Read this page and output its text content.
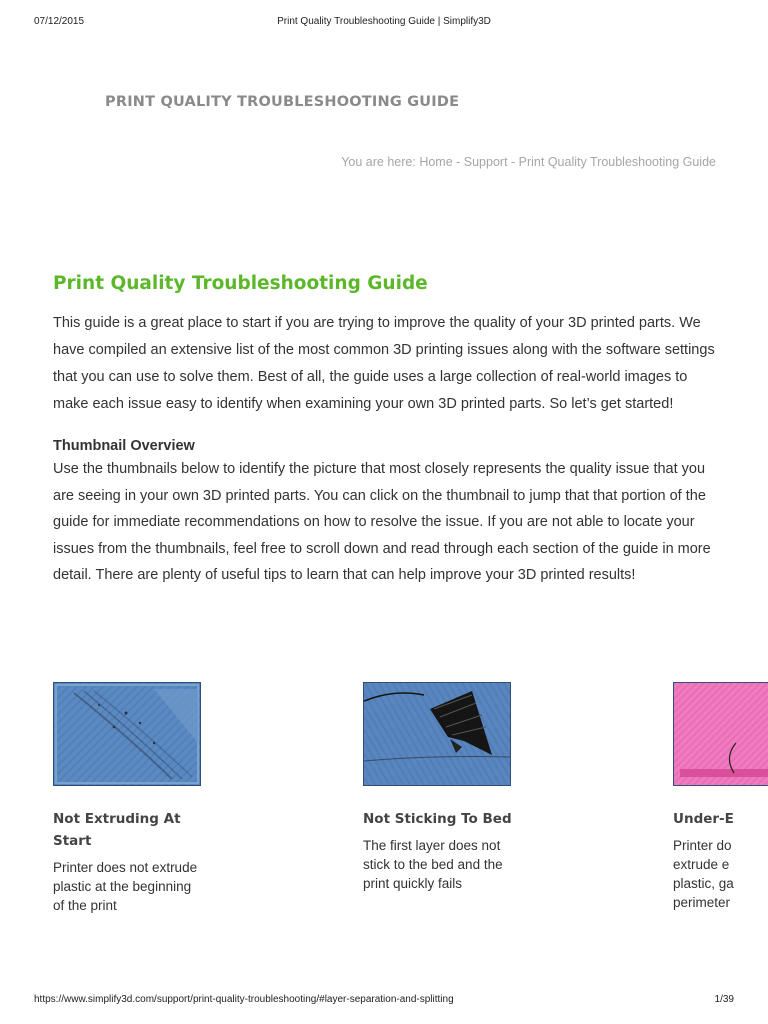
07/12/2015	Print Quality Troubleshooting Guide | Simplify3D
PRINT QUALITY TROUBLESHOOTING GUIDE
You are here: Home - Support - Print Quality Troubleshooting Guide
Print Quality Troubleshooting Guide

This guide is a great place to start if you are trying to improve the quality of your 3D printed parts. We have compiled an extensive list of the most common 3D printing issues along with the software settings that you can use to solve them. Best of all, the guide uses a large collection of real-world images to make each issue easy to identify when examining your own 3D printed parts. So let’s get started!

Thumbnail Overview

Use the thumbnails below to identify the picture that most closely represents the quality issue that you are seeing in your own 3D printed parts. You can click on the thumbnail to jump that that portion of the guide for immediate recommendations on how to resolve the issue. If you are not able to locate your issues from the thumbnails, feel free to scroll down and read through each section of the guide in more detail. There are plenty of useful tips to learn that can help improve your 3D printed results!

Not Extruding At Start
Printer does not extrude plastic at the beginning of the print
Not Sticking To Bed
The first layer does not stick to the bed and the print quickly fails
Under-E
Printer do extrude e plastic, ga perimeter
https://www.simplify3d.com/support/print-quality-troubleshooting/#layer-separation-and-splitting	1/39
